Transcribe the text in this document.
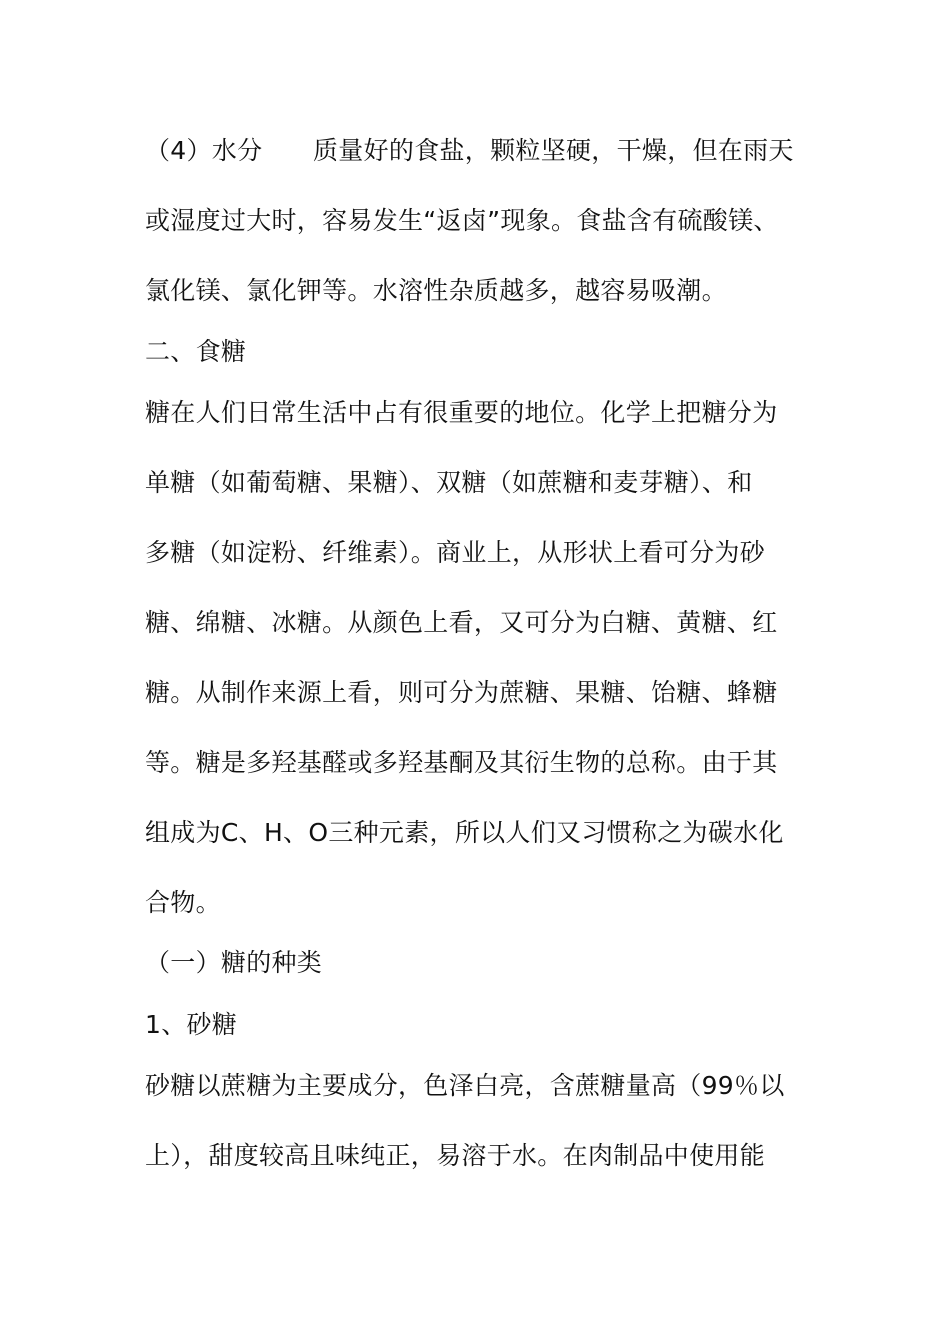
（4）水分　　质量好的食盐，颗粒坚硬，干燥，但在雨天
或湿度过大时，容易发生“返卤”现象。食盐含有硫酸镁、
氯化镁、氯化钾等。水溶性杂质越多，越容易吸潮。
二、食糖
糖在人们日常生活中占有很重要的地位。化学上把糖分为
单糖（如葡萄糖、果糖）、双糖（如蔗糖和麦芽糖）、和
多糖（如淀粉、纤维素）。商业上，从形状上看可分为砂
糖、绵糖、冰糖。从颜色上看，又可分为白糖、黄糖、红
糖。从制作来源上看，则可分为蔗糖、果糖、饴糖、蜂糖
等。糖是多羟基醛或多羟基酮及其衍生物的总称。由于其
组成为C、H、O三种元素，所以人们又习惯称之为碳水化
合物。
（一）糖的种类
1、砂糖
砂糖以蔗糖为主要成分，色泽白亮，含蔗糖量高（99％以
上），甜度较高且味纯正，易溶于水。在肉制品中使用能
